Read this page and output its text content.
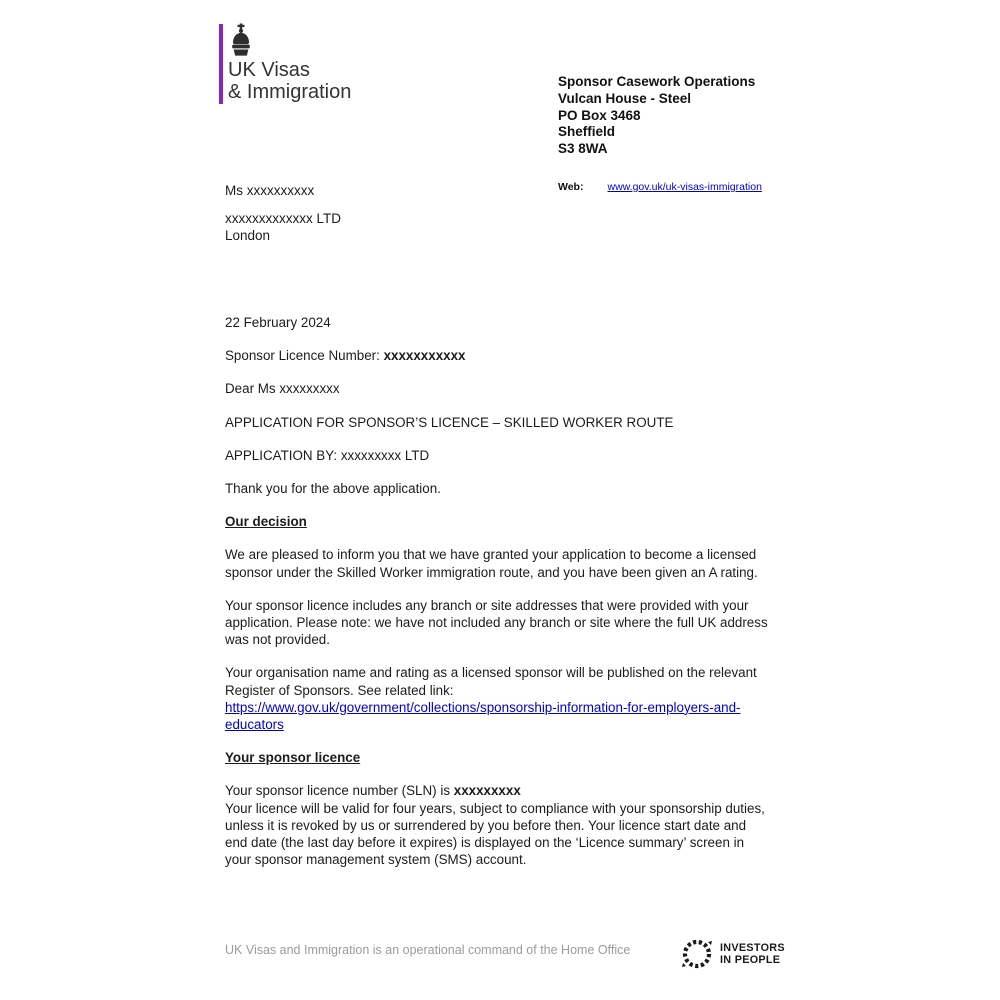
UK Visas
& Immigration	Sponsor Casework Operations
Vulcan House - Steel
PO Box 3468
Sheffield
S3 8WA
Web: www.gov.uk/uk-visas-immigration
Ms xxxxxxxxxx
xxxxxxxxxxxxx LTD
London

22 February 2024

Sponsor Licence Number: xxxxxxxxxxx

Dear Ms xxxxxxxxx

APPLICATION FOR SPONSOR’S LICENCE – SKILLED WORKER ROUTE

APPLICATION BY: xxxxxxxxx LTD

Thank you for the above application.

Our decision

We are pleased to inform you that we have granted your application to become a licensed sponsor under the Skilled Worker immigration route, and you have been given an A rating.

Your sponsor licence includes any branch or site addresses that were provided with your application. Please note: we have not included any branch or site where the full UK address was not provided.

Your organisation name and rating as a licensed sponsor will be published on the relevant Register of Sponsors. See related link:
https://www.gov.uk/government/collections/sponsorship-information-for-employers-and-educators

Your sponsor licence

Your sponsor licence number (SLN) is xxxxxxxxx
Your licence will be valid for four years, subject to compliance with your sponsorship duties, unless it is revoked by us or surrendered by you before then. Your licence start date and end date (the last day before it expires) is displayed on the ‘Licence summary’ screen in your sponsor management system (SMS) account.

UK Visas and Immigration is an operational command of the Home Office	INVESTORS
IN PEOPLE
